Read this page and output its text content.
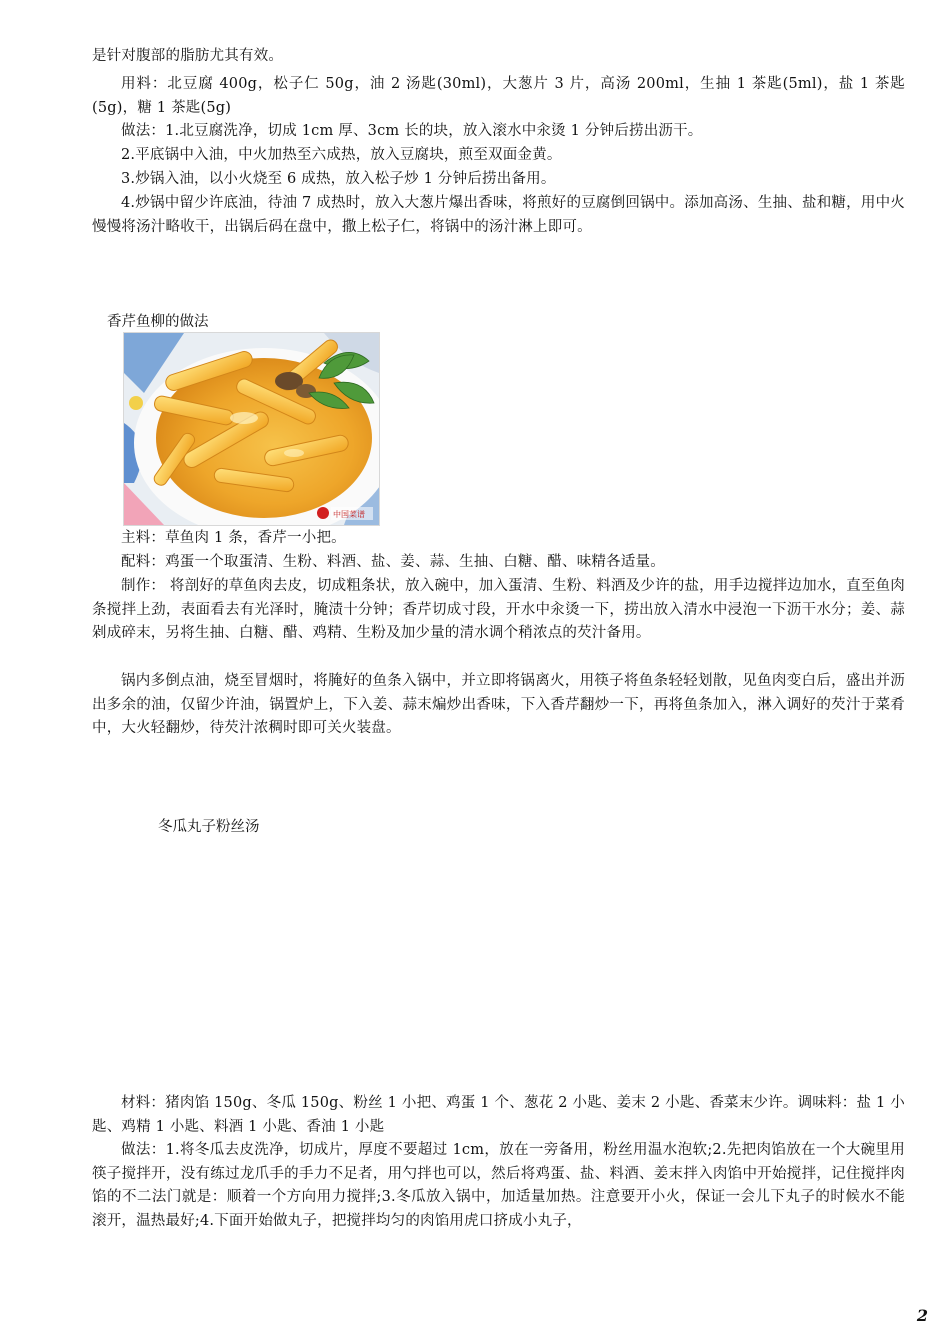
是针对腹部的脂肪尤其有效。

用料：北豆腐 400g，松子仁 50g，油 2 汤匙(30ml)，大葱片 3 片，高汤 200ml，生抽 1 茶匙(5ml)，盐 1 茶匙(5g)，糖 1 茶匙(5g)

做法：1.北豆腐洗净，切成 1cm 厚、3cm 长的块，放入滚水中汆烫 1 分钟后捞出沥干。

2.平底锅中入油，中火加热至六成热，放入豆腐块，煎至双面金黄。

3.炒锅入油，以小火烧至 6 成热，放入松子炒 1 分钟后捞出备用。

4.炒锅中留少许底油，待油 7 成热时，放入大葱片爆出香味，将煎好的豆腐倒回锅中。添加高汤、生抽、盐和糖，用中火慢慢将汤汁略收干，出锅后码在盘中，撒上松子仁，将锅中的汤汁淋上即可。

香芹鱼柳的做法

中国菜谱

主料：草鱼肉 1 条，香芹一小把。

配料：鸡蛋一个取蛋清、生粉、料酒、盐、姜、蒜、生抽、白糖、醋、味精各适量。

制作： 将剖好的草鱼肉去皮，切成粗条状，放入碗中，加入蛋清、生粉、料酒及少许的盐，用手边搅拌边加水，直至鱼肉条搅拌上劲，表面看去有光泽时，腌渍十分钟；香芹切成寸段，开水中汆烫一下，捞出放入清水中浸泡一下沥干水分；姜、蒜剁成碎末，另将生抽、白糖、醋、鸡精、生粉及加少量的清水调个稍浓点的芡汁备用。

锅内多倒点油，烧至冒烟时，将腌好的鱼条入锅中，并立即将锅离火，用筷子将鱼条轻轻划散，见鱼肉变白后，盛出并沥出多余的油，仅留少许油，锅置炉上，下入姜、蒜末煸炒出香味，下入香芹翻炒一下，再将鱼条加入，淋入调好的芡汁于菜肴中，大火轻翻炒，待芡汁浓稠时即可关火装盘。

冬瓜丸子粉丝汤

材料：猪肉馅 150g、冬瓜 150g、粉丝 1 小把、鸡蛋 1 个、葱花 2 小匙、姜末 2 小匙、香菜末少许。调味料：盐 1 小匙、鸡精 1 小匙、料酒 1 小匙、香油 1 小匙

做法：1.将冬瓜去皮洗净，切成片，厚度不要超过 1cm，放在一旁备用，粉丝用温水泡软;2.先把肉馅放在一个大碗里用筷子搅拌开，没有练过龙爪手的手力不足者，用勺拌也可以，然后将鸡蛋、盐、料酒、姜末拌入肉馅中开始搅拌，记住搅拌肉馅的不二法门就是：顺着一个方向用力搅拌;3.冬瓜放入锅中，加适量加热。注意要开小火，保证一会儿下丸子的时候水不能滚开，温热最好;4.下面开始做丸子，把搅拌均匀的肉馅用虎口挤成小丸子，

2
